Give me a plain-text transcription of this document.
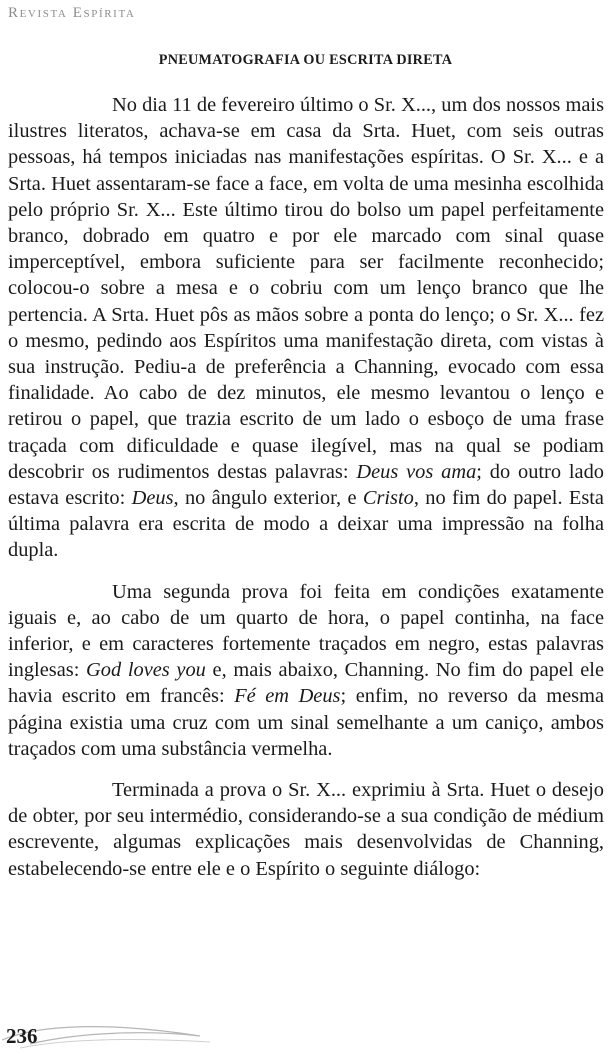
Revista Espírita
PNEUMATOGRAFIA OU ESCRITA DIRETA

No dia 11 de fevereiro último o Sr. X..., um dos nossos mais ilustres literatos, achava-se em casa da Srta. Huet, com seis outras pessoas, há tempos iniciadas nas manifestações espíritas. O Sr. X... e a Srta. Huet assentaram-se face a face, em volta de uma mesinha escolhida pelo próprio Sr. X... Este último tirou do bolso um papel perfeitamente branco, dobrado em quatro e por ele marcado com sinal quase imperceptível, embora suficiente para ser facilmente reconhecido; colocou-o sobre a mesa e o cobriu com um lenço branco que lhe pertencia. A Srta. Huet pôs as mãos sobre a ponta do lenço; o Sr. X... fez o mesmo, pedindo aos Espíritos uma manifestação direta, com vistas à sua instrução. Pediu-a de preferência a Channing, evocado com essa finalidade. Ao cabo de dez minutos, ele mesmo levantou o lenço e retirou o papel, que trazia escrito de um lado o esboço de uma frase traçada com dificuldade e quase ilegível, mas na qual se podiam descobrir os rudimentos destas palavras: Deus vos ama; do outro lado estava escrito: Deus, no ângulo exterior, e Cristo, no fim do papel. Esta última palavra era escrita de modo a deixar uma impressão na folha dupla.

Uma segunda prova foi feita em condições exatamente iguais e, ao cabo de um quarto de hora, o papel continha, na face inferior, e em caracteres fortemente traçados em negro, estas palavras inglesas: God loves you e, mais abaixo, Channing. No fim do papel ele havia escrito em francês: Fé em Deus; enfim, no reverso da mesma página existia uma cruz com um sinal semelhante a um caniço, ambos traçados com uma substância vermelha.

Terminada a prova o Sr. X... exprimiu à Srta. Huet o desejo de obter, por seu intermédio, considerando-se a sua condição de médium escrevente, algumas explicações mais desenvolvidas de Channing, estabelecendo-se entre ele e o Espírito o seguinte diálogo:

236
